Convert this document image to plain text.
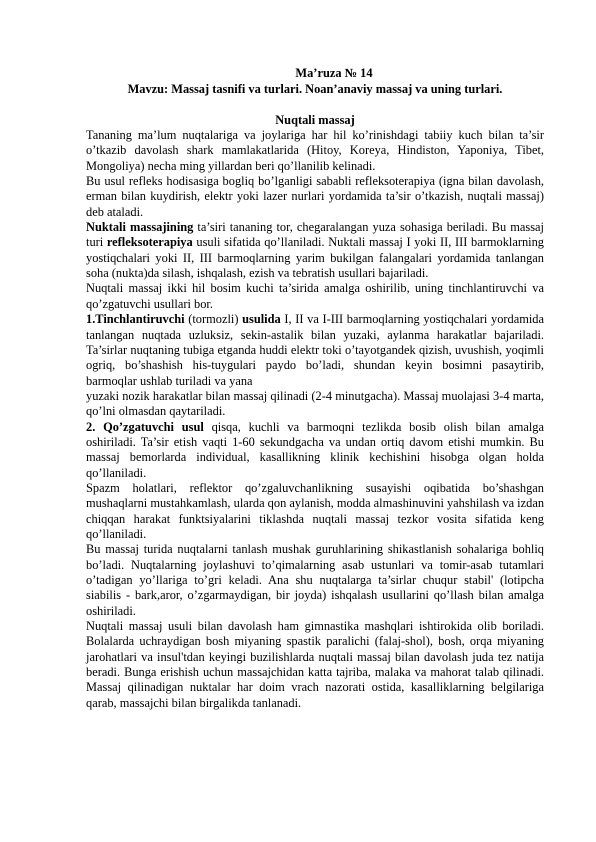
Ma’ruza № 14
Mavzu: Massaj tasnifi va turlari. Noan’anaviy massaj va uning turlari.
Nuqtali massaj

Tananing ma’lum nuqtalariga va joylariga har hil ko’rinishdagi tabiiy kuch bilan ta’sir o’tkazib davolash shark mamlakatlarida (Hitoy, Koreya, Hindiston, Yaponiya, Tibet, Mongoliya) necha ming yillardan beri qo’llanilib kelinadi.

Bu usul refleks hodisasiga bogliq bo’lganligi sababli refleksoterapiya (igna bilan davolash, erman bilan kuydirish, elektr yoki lazer nurlari yordamida ta’sir o’tkazish, nuqtali massaj) deb ataladi.

Nuktali massajining ta’siri tananing tor, chegaralangan yuza sohasiga beriladi. Bu massaj turi refleksoterapiya usuli sifatida qo’llaniladi. Nuktali massaj I yoki II, III barmoklarning yostiqchalari yoki II, III barmoqlarning yarim bukilgan falangalari yordamida tanlangan soha (nukta)da silash, ishqalash, ezish va tebratish usullari bajariladi.

Nuqtali massaj ikki hil bosim kuchi ta’sirida amalga oshirilib, uning tinchlantiruvchi va qo’zgatuvchi usullari bor.

1.Tinchlantiruvchi (tormozli) usulida I, II va I-III barmoqlarning yostiqchalari yordamida tanlangan nuqtada uzluksiz, sekin-astalik bilan yuzaki, aylanma harakatlar bajariladi. Ta’sirlar nuqtaning tubiga etganda huddi elektr toki o’tayotgandek qizish, uvushish, yoqimli ogriq, bo’shashish his-tuygulari paydo bo’ladi, shundan keyin bosimni pasaytirib, barmoqlar ushlab turiladi va yana

yuzaki nozik harakatlar bilan massaj qilinadi (2-4 minutgacha). Massaj muolajasi 3-4 marta, qo’lni olmasdan qaytariladi.

2. Qo’zgatuvchi usul qisqa, kuchli va barmoqni tezlikda bosib olish bilan amalga oshiriladi. Ta’sir etish vaqti 1-60 sekundgacha va undan ortiq davom etishi mumkin. Bu massaj bemorlarda individual, kasallikning klinik kechishini hisobga olgan holda qo’llaniladi.

Spazm holatlari, reflektor qo’zgaluvchanlikning susayishi oqibatida bo’shashgan mushaqlarni mustahkamlash, ularda qon aylanish, modda almashinuvini yahshilash va izdan chiqqan harakat funktsiyalarini tiklashda nuqtali massaj tezkor vosita sifatida keng qo’llaniladi.

Bu massaj turida nuqtalarni tanlash mushak guruhlarining shikastlanish sohalariga bohliq bo’ladi. Nuqtalarning joylashuvi to’qimalarning asab ustunlari va tomir-asab tutamlari o’tadigan yo’llariga to’gri keladi. Ana shu nuqtalarga ta’sirlar chuqur stabil' (lotipcha siabilis - bark,aror, o’zgarmaydigan, bir joyda) ishqalash usullarini qo’llash bilan amalga oshiriladi.

Nuqtali massaj usuli bilan davolash ham gimnastika mashqlari ishtirokida olib boriladi. Bolalarda uchraydigan bosh miyaning spastik paralichi (falaj-shol), bosh, orqa miyaning jarohatlari va insul'tdan keyingi buzilishlarda nuqtali massaj bilan davolash juda tez natija beradi. Bunga erishish uchun massajchidan katta tajriba, malaka va mahorat talab qilinadi. Massaj qilinadigan nuktalar har doim vrach nazorati ostida, kasalliklarning belgilariga qarab, massajchi bilan birgalikda tanlanadi.
